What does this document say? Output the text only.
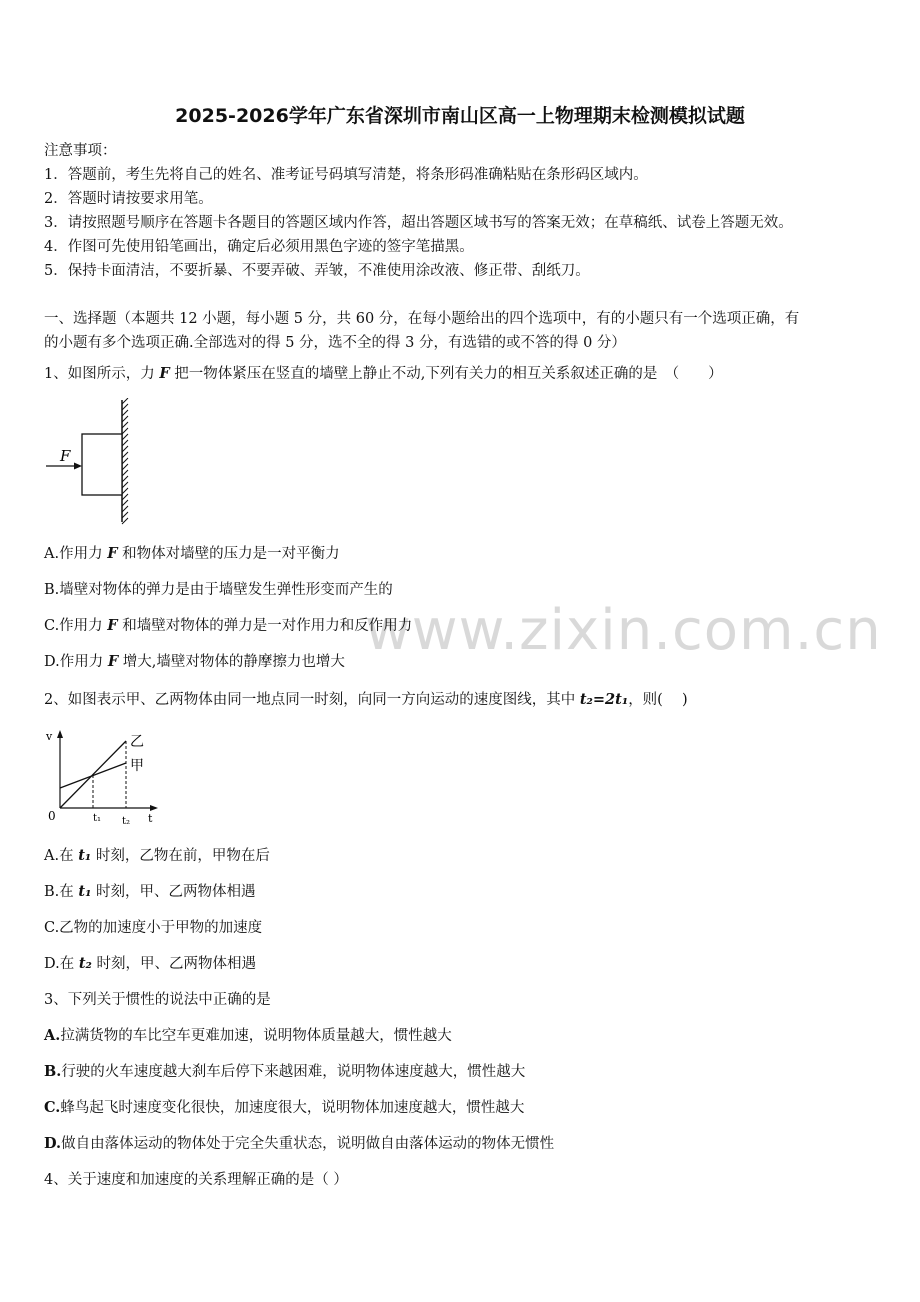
www.zixin.com.cn
2025-2026学年广东省深圳市南山区高一上物理期末检测模拟试题
注意事项：
1．答题前，考生先将自己的姓名、准考证号码填写清楚，将条形码准确粘贴在条形码区域内。
2．答题时请按要求用笔。
3．请按照题号顺序在答题卡各题目的答题区域内作答，超出答题区域书写的答案无效；在草稿纸、试卷上答题无效。
4．作图可先使用铅笔画出，确定后必须用黑色字迹的签字笔描黑。
5．保持卡面清洁，不要折暴、不要弄破、弄皱，不准使用涂改液、修正带、刮纸刀。
一、选择题（本题共 12 小题，每小题 5 分，共 60 分，在每小题给出的四个选项中，有的小题只有一个选项正确，有
的小题有多个选项正确.全部选对的得 5 分，选不全的得 3 分，有选错的或不答的得 0 分）
1、如图所示，力 F 把一物体紧压在竖直的墙壁上静止不动,下列有关力的相互关系叙述正确的是　（　　）
F
A.作用力 F 和物体对墙壁的压力是一对平衡力
B.墙壁对物体的弹力是由于墙壁发生弹性形变而产生的
C.作用力 F 和墙壁对物体的弹力是一对作用力和反作用力
D.作用力 F 增大,墙壁对物体的静摩擦力也增大
2、如图表示甲、乙两物体由同一地点同一时刻，向同一方向运动的速度图线，其中 t₂=2t₁，则(　 )
v
t
0	t₁ t₂
乙
甲
A.在 t₁ 时刻，乙物在前，甲物在后
B.在 t₁ 时刻，甲、乙两物体相遇
C.乙物的加速度小于甲物的加速度
D.在 t₂ 时刻，甲、乙两物体相遇
3、下列关于惯性的说法中正确的是
A.拉满货物的车比空车更难加速，说明物体质量越大，惯性越大
B.行驶的火车速度越大刹车后停下来越困难，说明物体速度越大，惯性越大
C.蜂鸟起飞时速度变化很快，加速度很大，说明物体加速度越大，惯性越大
D.做自由落体运动的物体处于完全失重状态，说明做自由落体运动的物体无惯性
4、关于速度和加速度的关系理解正确的是（ ）
